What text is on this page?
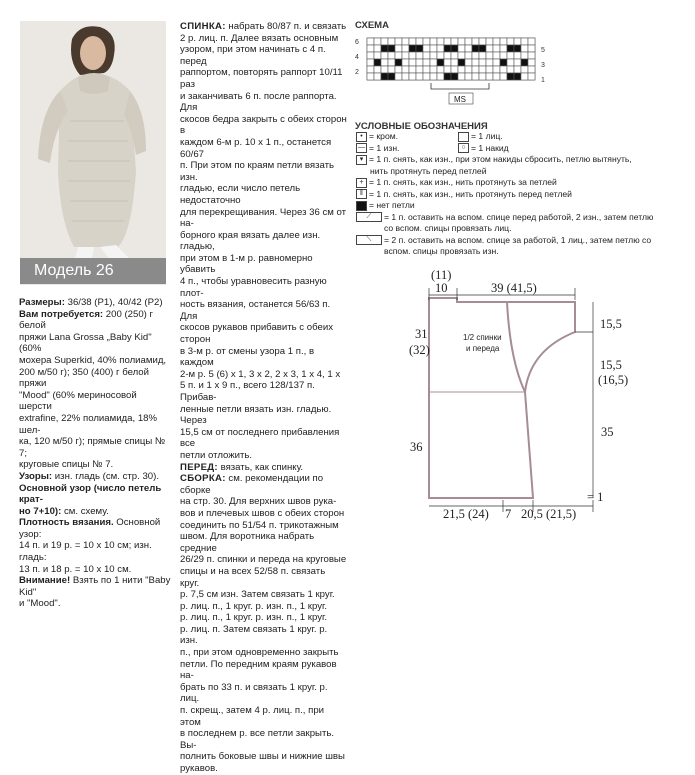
Модель 26

Размеры: 36/38 (P1), 40/42 (P2)

Вам потребуется: 200 (250) г белой
пряжи Lana Grossa „Baby Kid" (60%
мохера Superkid, 40% полиамид,
200 м/50 г); 350 (400) г белой пряжи
"Mood" (60% мериносовой шерсти
extrafine, 22% полиамида, 18% шел-
ка, 120 м/50 г); прямые спицы № 7;
круговые спицы № 7.

Узоры: изн. гладь (см. стр. 30).

Основной узор (число петель крат-
но 7+10): см. схему.

Плотность вязания. Основной узор:
14 п. и 19 р. = 10 х 10 см; изн. гладь:
13 п. и 18 р. = 10 х 10 см.

Внимание! Взять по 1 нити "Baby Kid"
и "Mood".

СПИНКА: набрать 80/87 п. и связать
2 р. лиц. п. Далее вязать основным
узором, при этом начинать с 4 п. перед
раппортом, повторять раппорт 10/11 раз
и заканчивать 6 п. после раппорта. Для
скосов бедра закрыть с обеих сторон в
каждом 6-м р. 10 х 1 п., останется 60/67
п. При этом по краям петли вязать изн.
гладью, если число петель недостаточно
для перекрещивания. Через 36 см от на-
борного края вязать далее изн. гладью,
при этом в 1-м р. равномерно убавить
4 п., чтобы уравновесить разную плот-
ность вязания, останется 56/63 п. Для
скосов рукавов прибавить с обеих сторон
в 3-м р. от смены узора 1 п., в каждом
2-м р. 5 (6) х 1, 3 х 2, 2 х 3, 1 х 4, 1 х
5 п. и 1 х 9 п., всего 128/137 п. Прибав-
ленные петли вязать изн. гладью. Через
15,5 см от последнего прибавления все
петли отложить.

ПЕРЕД: вязать, как спинку.

СБОРКА: см. рекомендации по сборке
на стр. 30. Для верхних швов рука-
вов и плечевых швов с обеих сторон
соединить по 51/54 п. трикотажным
швом. Для воротника набрать средние
26/29 п. спинки и переда на круговые
спицы и на всех 52/58 п. связать круг.
р. 7,5 см изн. Затем связать 1 круг.
р. лиц. п., 1 круг. р. изн. п., 1 круг.
р. лиц. п., 1 круг. р. изн. п., 1 круг.
р. лиц. п. Затем связать 1 круг. р. изн.
п., при этом одновременно закрыть
петли. По передним краям рукавов на-
брать по 33 п. и связать 1 круг. р. лиц.
п. скрещ., затем 4 р. лиц. п., при этом
в последнем р. все петли закрыть. Вы-
полнить боковые швы и нижние швы
рукавов.

СХЕМА
6
4
2
5
3
1
MS
УСЛОВНЫЕ ОБОЗНАЧЕНИЯ
• = кром.	= 1 лиц.
— = 1 изн.	○ = 1 накид
▾ = 1 п. снять, как изн., при этом накиды сбросить, петлю вытянуть,
нить протянуть перед петлей
+ = 1 п. снять, как изн., нить протянуть за петлей
‖ = 1 п. снять, как изн., нить протянуть перед петлей
= нет петли
⟋ = 1 п. оставить на вспом. спице перед работой, 2 изн., затем петлю
со вспом. спицы провязать лиц.
⟍ = 2 п. оставить на вспом. спице за работой, 1 лиц., затем петлю со
вспом. спицы провязать изн.
(11)
10	39 (41,5)
31
(32)
1/2 спинки
и переда
15,5
15,5
(16,5)
36
35
= 1
21,5 (24) 7 20,5 (21,5)
